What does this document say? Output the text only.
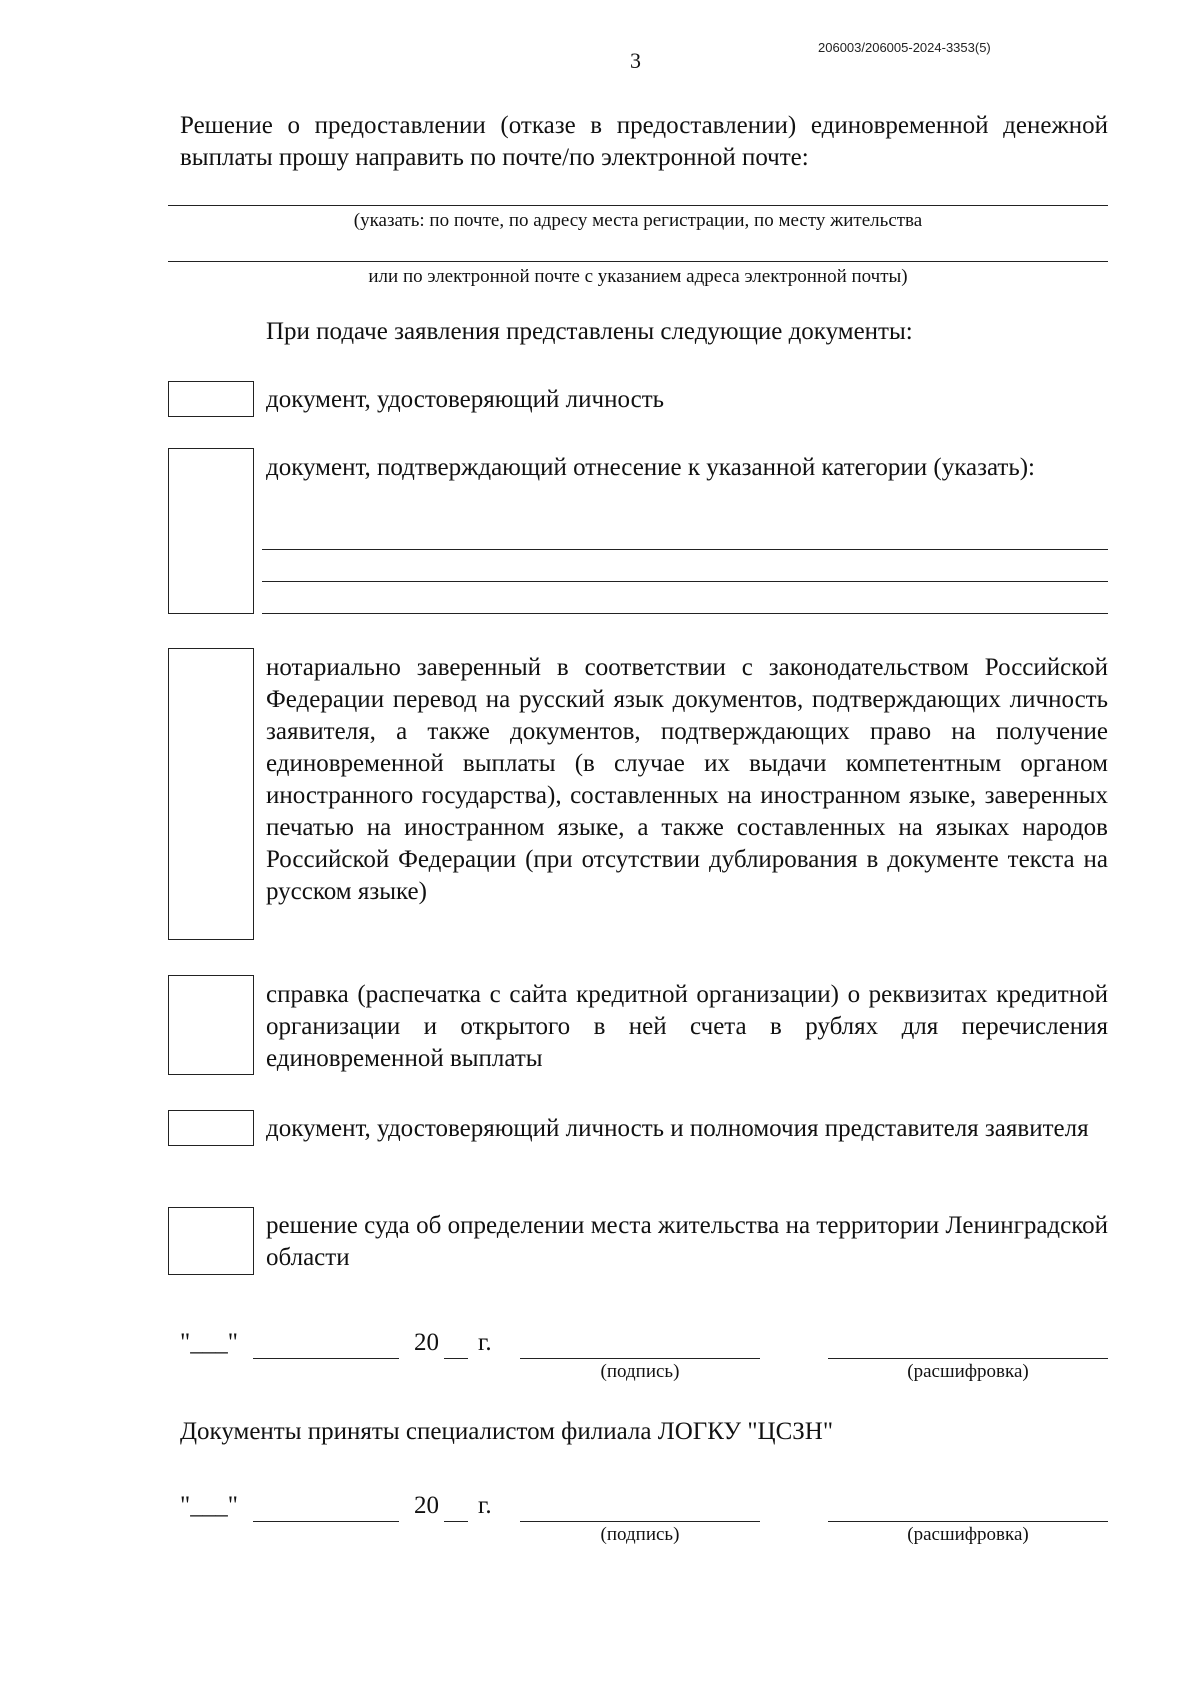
206003/206005-2024-3353(5)
3
Решение о предоставлении (отказе в предоставлении) единовременной денежной выплаты прошу направить по почте/по электронной почте:
(указать: по почте, по адресу места регистрации, по месту жительства
или по электронной почте с указанием адреса электронной почты)
При подаче заявления представлены следующие документы:
документ, удостоверяющий личность
документ, подтверждающий отнесение к указанной категории (указать):
нотариально заверенный в соответствии с законодательством Российской Федерации перевод на русский язык документов, подтверждающих личность заявителя, а также документов, подтверждающих право на получение единовременной выплаты (в случае их выдачи компетентным органом иностранного государства), составленных на иностранном языке, заверенных печатью на иностранном языке, а также составленных на языках народов Российской Федерации (при отсутствии дублирования в документе текста на русском языке)
справка (распечатка с сайта кредитной организации) о реквизитах кредитной организации и открытого в ней счета в рублях для перечисления единовременной выплаты
документ, удостоверяющий личность и полномочия представителя заявителя
решение суда об определении места жительства на территории Ленинградской области
"___"	20 г.
(подпись)	(расшифровка)
Документы приняты специалистом филиала ЛОГКУ "ЦСЗН"
"___"	20 г.
(подпись)	(расшифровка)
